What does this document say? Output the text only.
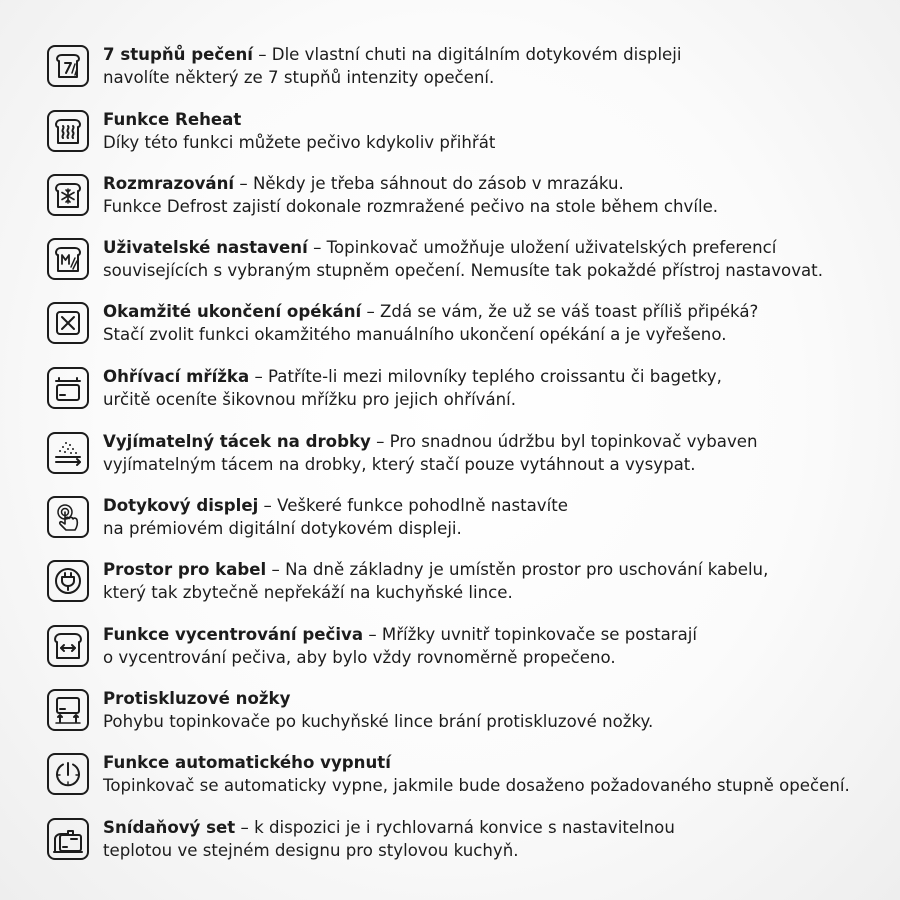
7 stupňů pečení – Dle vlastní chuti na digitálním dotykovém displeji
navolíte některý ze 7 stupňů intenzity opečení.
Funkce Reheat
Díky této funkci můžete pečivo kdykoliv přihřát
Rozmrazování – Někdy je třeba sáhnout do zásob v mrazáku.
Funkce Defrost zajistí dokonale rozmražené pečivo na stole během chvíle.
Uživatelské nastavení – Topinkovač umožňuje uložení uživatelských preferencí
souvisejících s vybraným stupněm opečení. Nemusíte tak pokaždé přístroj nastavovat.
Okamžité ukončení opékání – Zdá se vám, že už se váš toast příliš připéká?
Stačí zvolit funkci okamžitého manuálního ukončení opékání a je vyřešeno.
Ohřívací mřížka – Patříte-li mezi milovníky teplého croissantu či bagetky,
určitě oceníte šikovnou mřížku pro jejich ohřívání.
Vyjímatelný tácek na drobky – Pro snadnou údržbu byl topinkovač vybaven
vyjímatelným tácem na drobky, který stačí pouze vytáhnout a vysypat.
Dotykový displej – Veškeré funkce pohodlně nastavíte
na prémiovém digitální dotykovém displeji.
Prostor pro kabel – Na dně základny je umístěn prostor pro uschování kabelu,
který tak zbytečně nepřekáží na kuchyňské lince.
Funkce vycentrování pečiva – Mřížky uvnitř topinkovače se postarají
o vycentrování pečiva, aby bylo vždy rovnoměrně propečeno.
Protiskluzové nožky
Pohybu topinkovače po kuchyňské lince brání protiskluzové nožky.
Funkce automatického vypnutí
Topinkovač se automaticky vypne, jakmile bude dosaženo požadovaného stupně opečení.
Snídaňový set – k dispozici je i rychlovarná konvice s nastavitelnou
teplotou ve stejném designu pro stylovou kuchyň.
